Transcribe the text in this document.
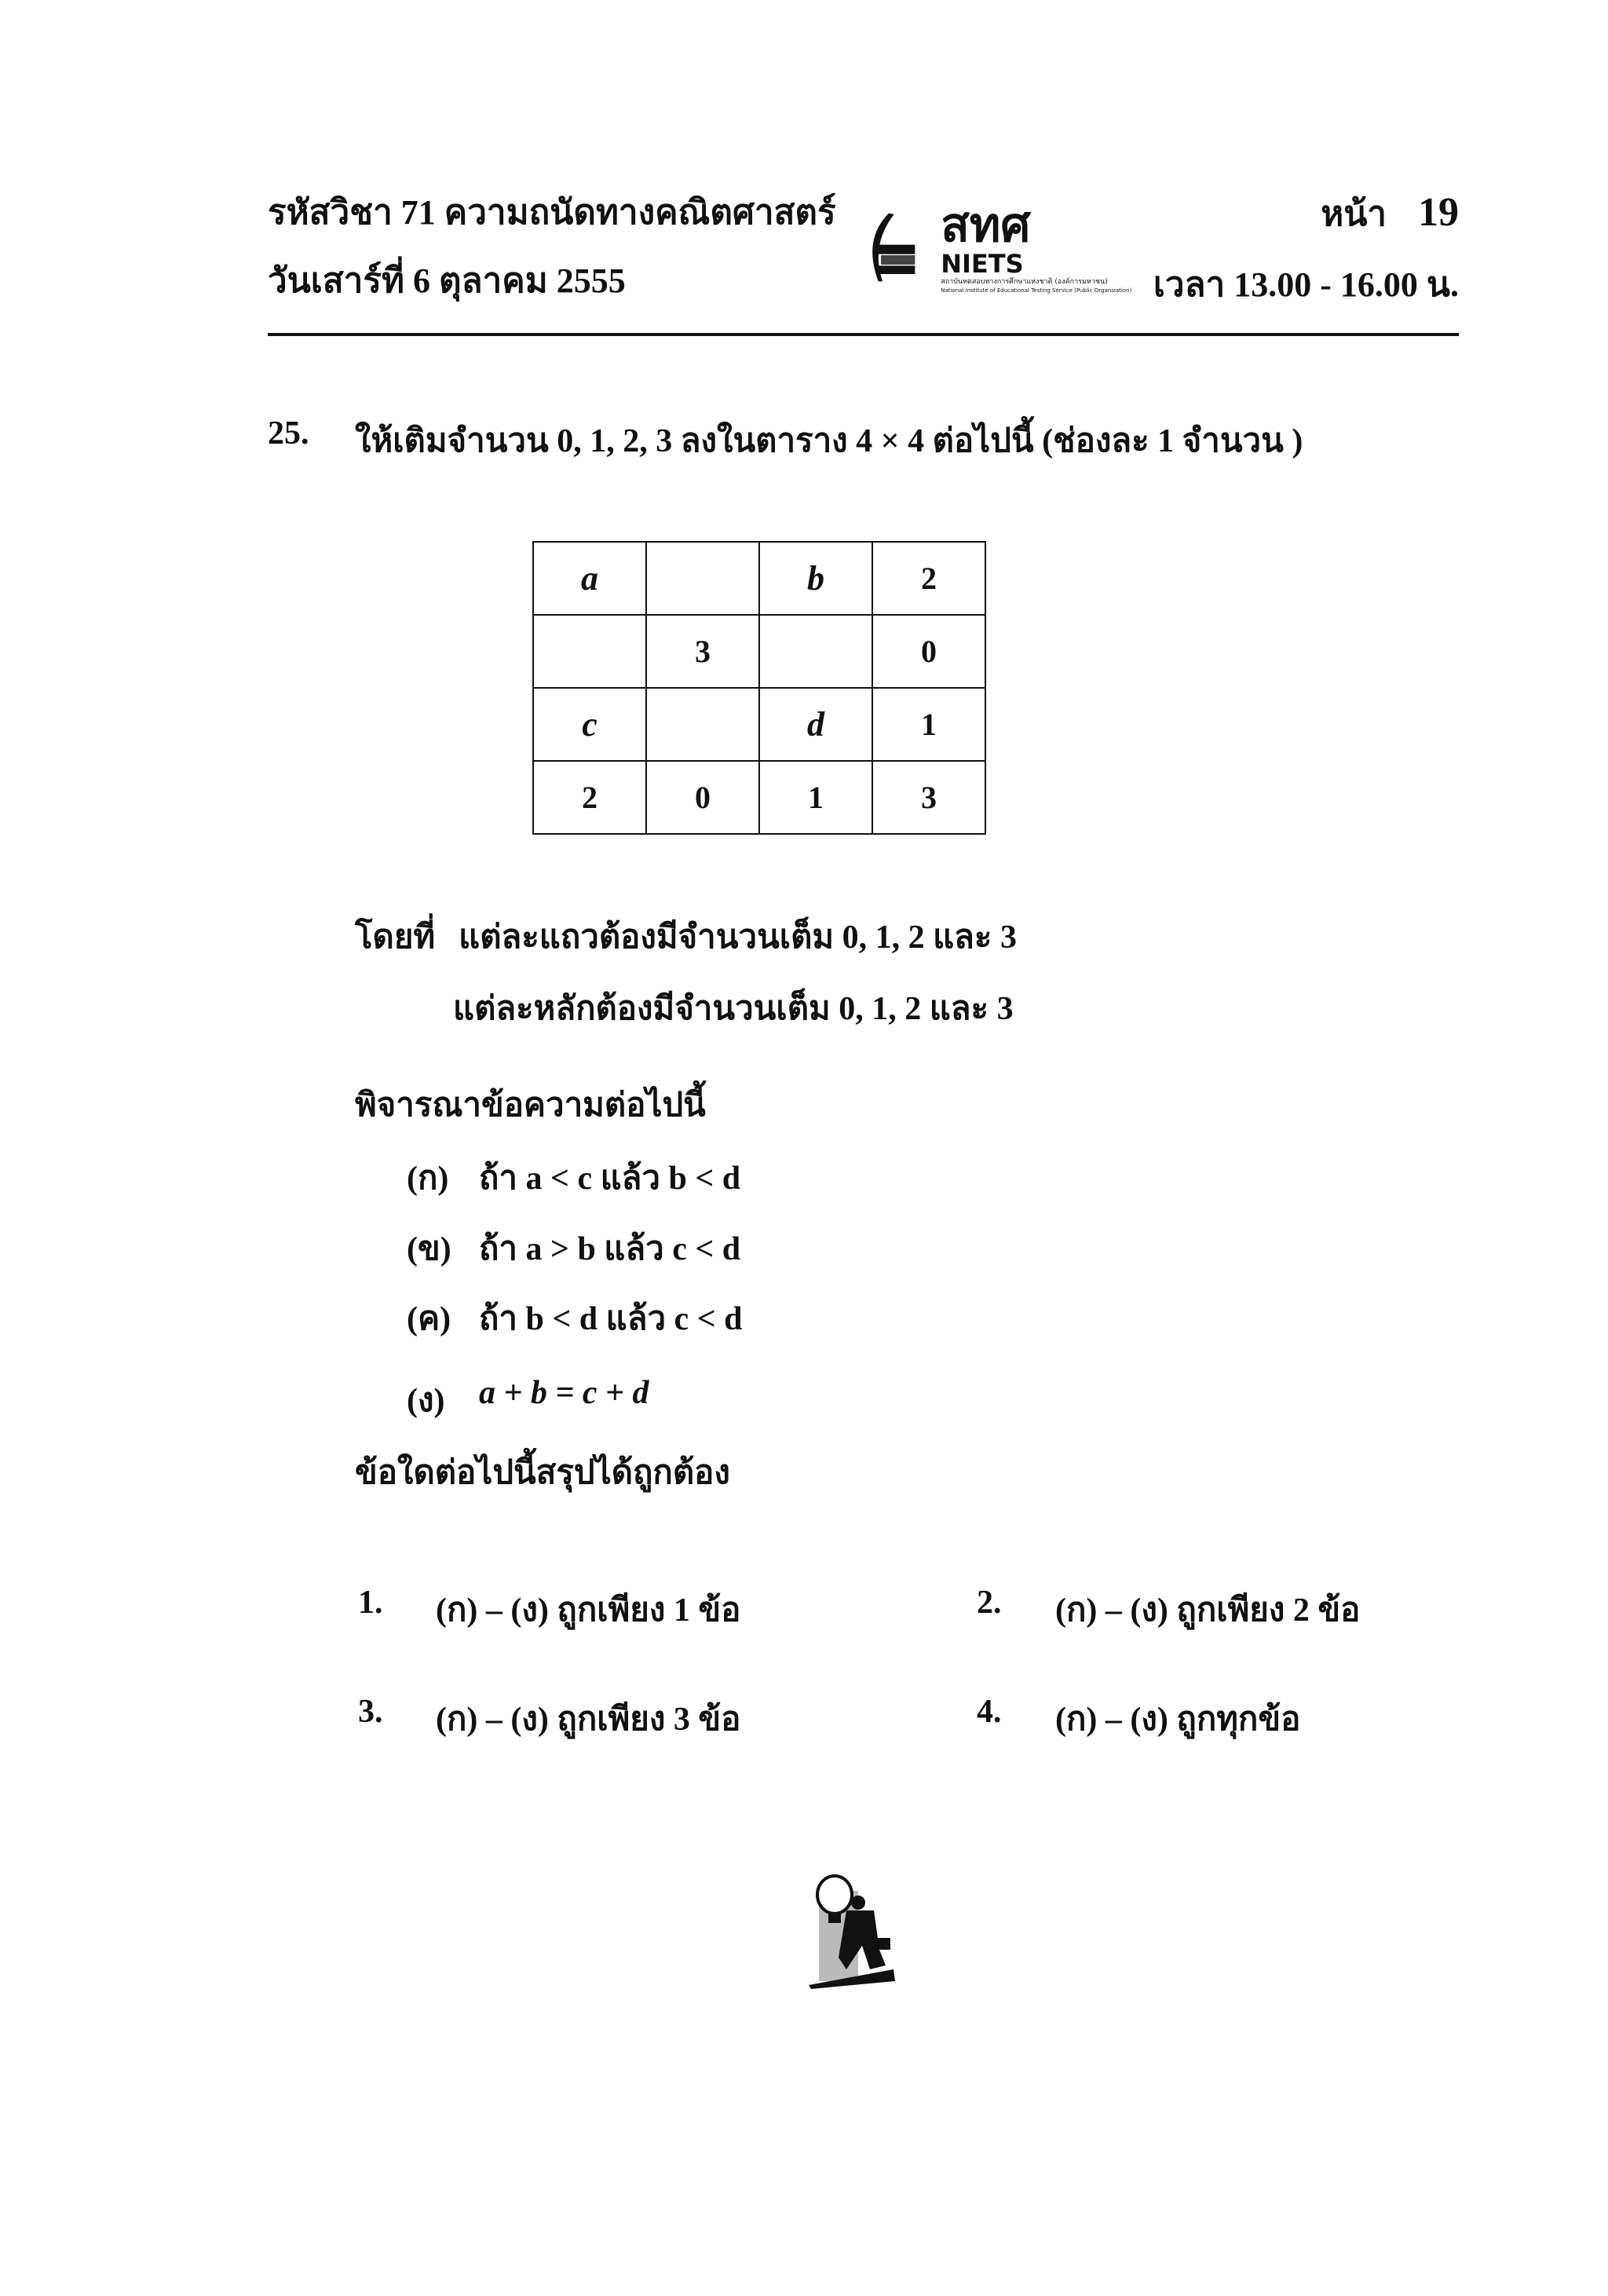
รหัสวิชา 71 ความถนัดทางคณิตศาสตร์
วันเสาร์ที่ 6 ตุลาคม 2555
สทศ
NIETS
สถาบันทดสอบทางการศึกษาแห่งชาติ (องค์การมหาชน)
National Institute of Educational Testing Service (Public Organization)
หน้า 19
เวลา 13.00 - 16.00 น.
25. ให้เติมจำนวน 0, 1, 2, 3 ลงในตาราง 4 × 4 ต่อไปนี้ (ช่องละ 1 จำนวน )
a		b	2
	3		0
c		d	1
2	0	1	3
โดยที่ แต่ละแถวต้องมีจำนวนเต็ม 0, 1, 2 และ 3
แต่ละหลักต้องมีจำนวนเต็ม 0, 1, 2 และ 3
พิจารณาข้อความต่อไปนี้
(ก) ถ้า a < c แล้ว b < d
(ข) ถ้า a > b แล้ว c < d
(ค) ถ้า b < d แล้ว c < d
(ง) a + b = c + d
ข้อใดต่อไปนี้สรุปได้ถูกต้อง
1. (ก) – (ง) ถูกเพียง 1 ข้อ	2. (ก) – (ง) ถูกเพียง 2 ข้อ
3. (ก) – (ง) ถูกเพียง 3 ข้อ	4. (ก) – (ง) ถูกทุกข้อ
